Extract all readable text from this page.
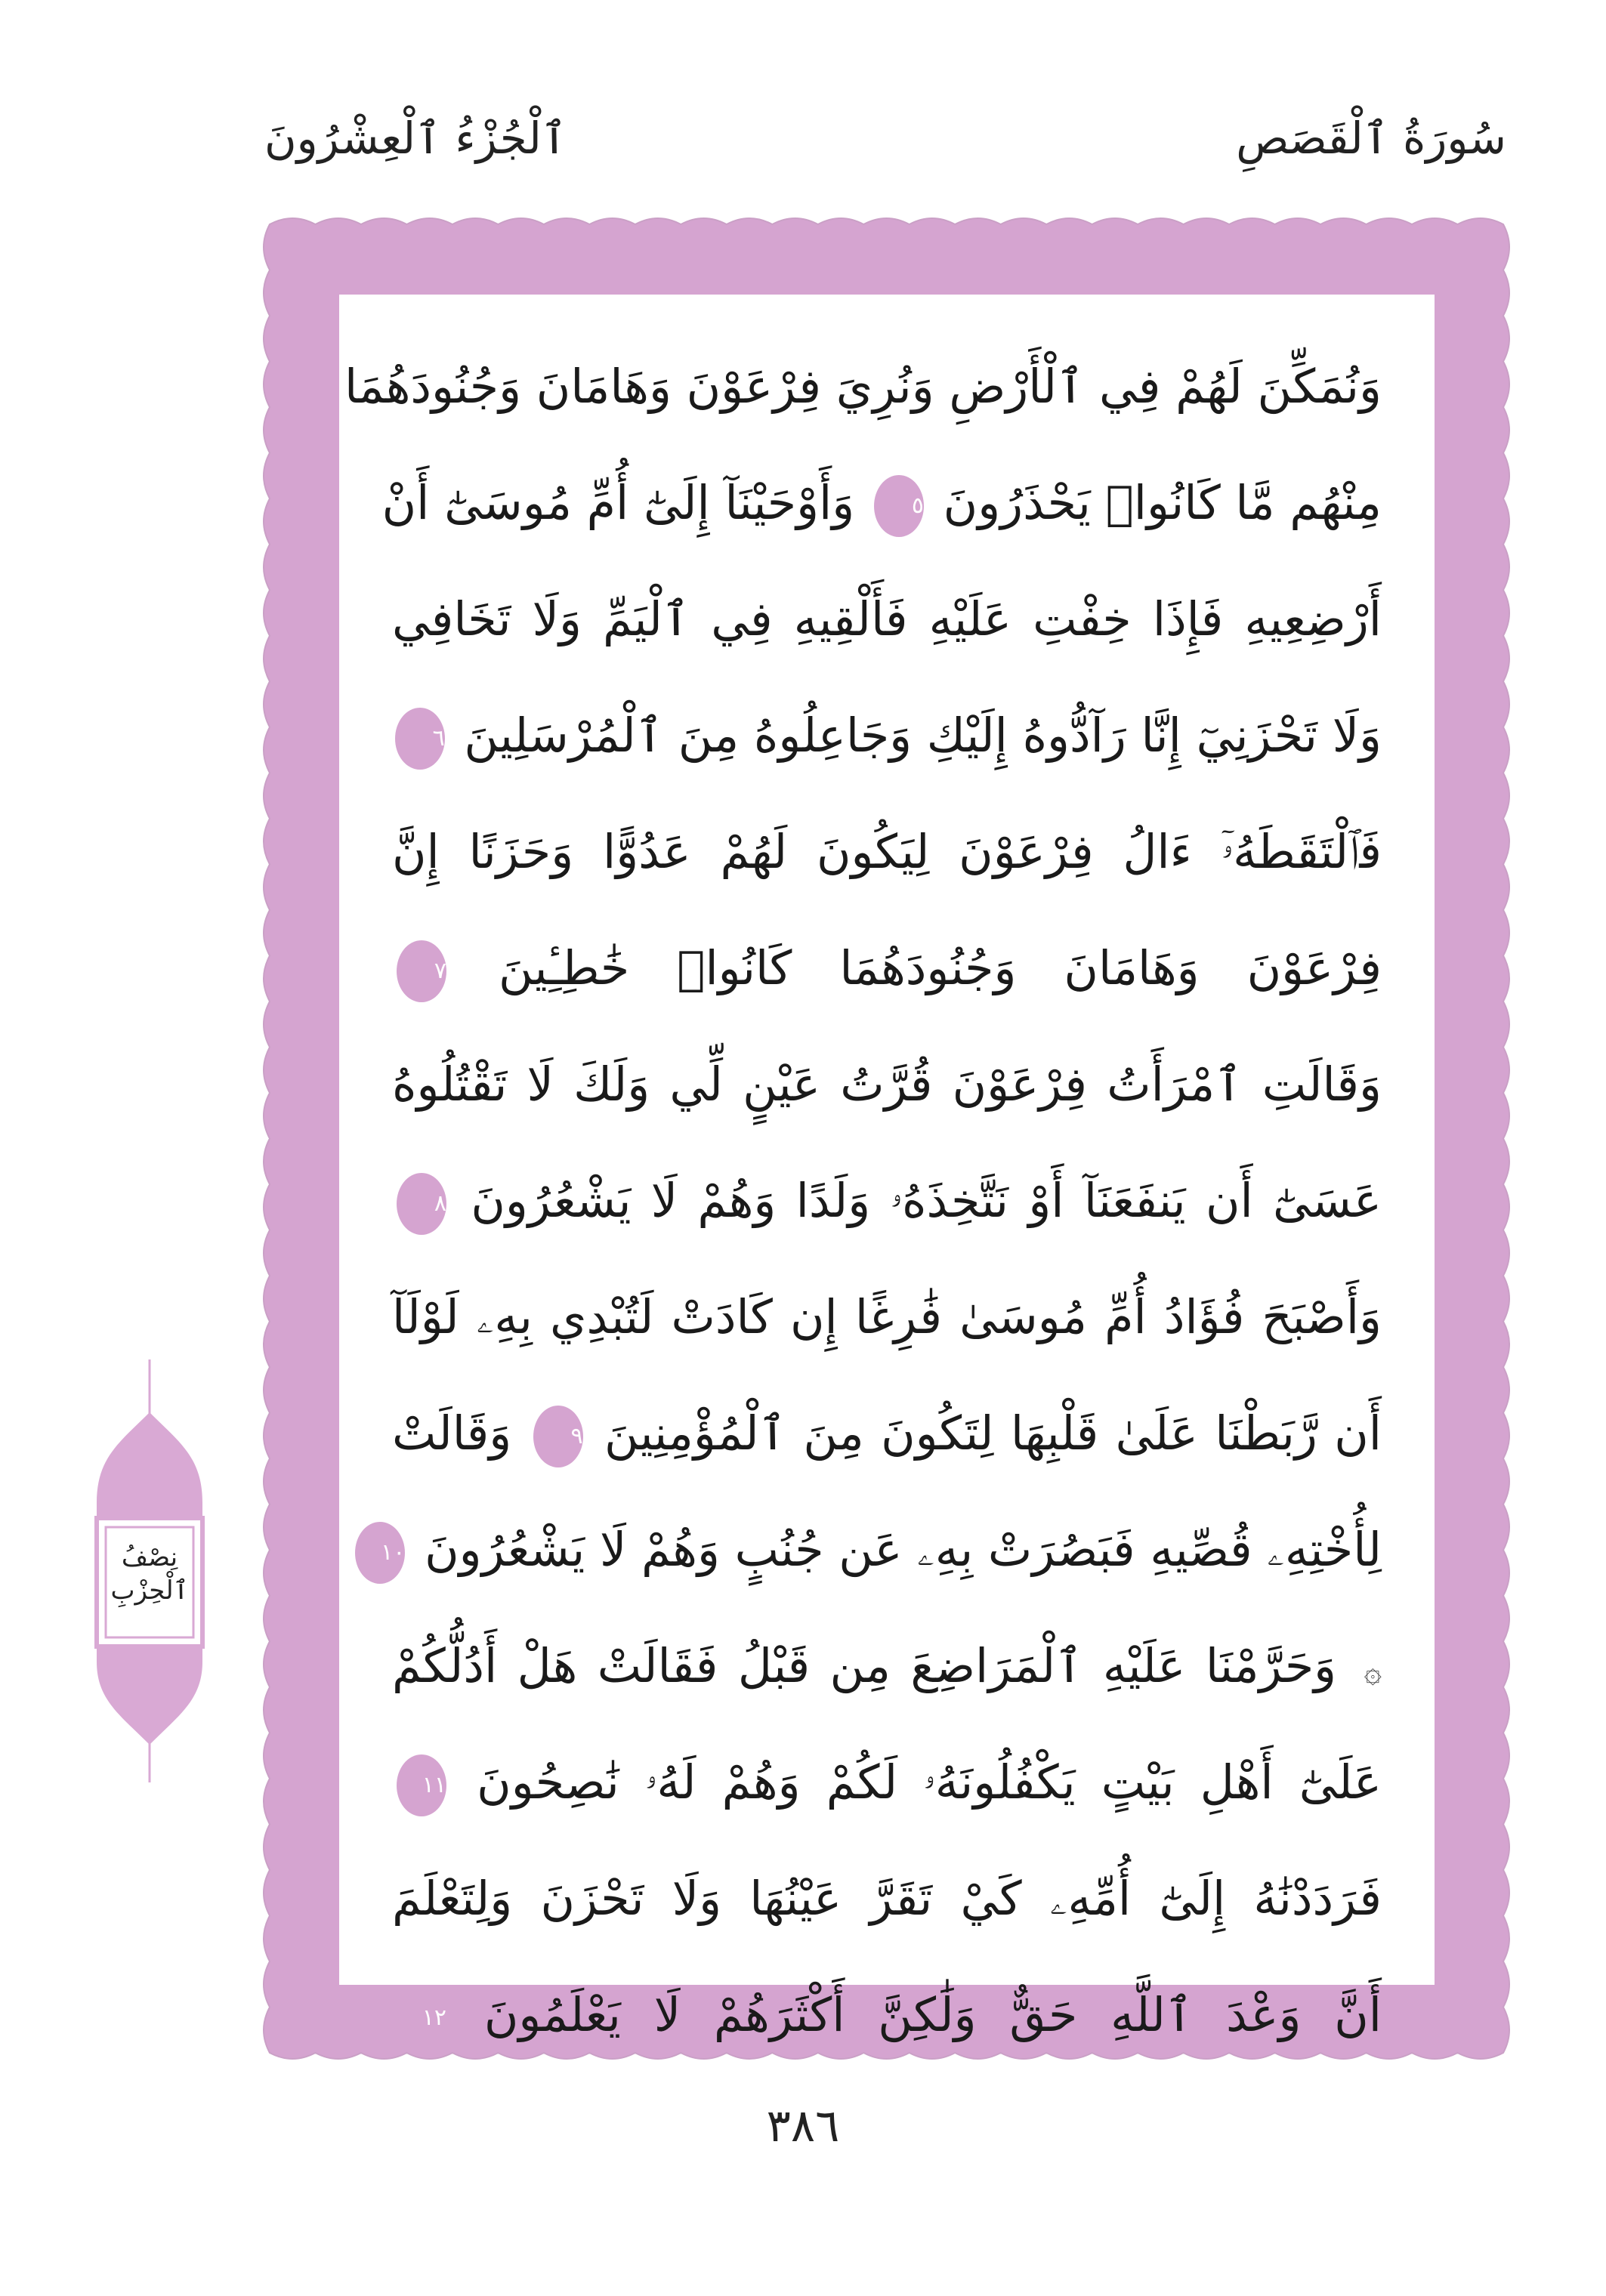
سُورَةُ ٱلْقَصَصِ
ٱلْجُزْءُ ٱلْعِشْرُونَ
وَنُمَكِّنَ لَهُمْ فِي ٱلْأَرْضِ وَنُرِيَ فِرْعَوْنَ وَهَامَانَ وَجُنُودَهُمَا
مِنْهُم مَّا كَانُوا۟ يَحْذَرُونَ ٥ وَأَوْحَيْنَآ إِلَىٰٓ أُمِّ مُوسَىٰٓ أَنْ
أَرْضِعِيهِ فَإِذَا خِفْتِ عَلَيْهِ فَأَلْقِيهِ فِي ٱلْيَمِّ وَلَا تَخَافِي
وَلَا تَحْزَنِيٓ إِنَّا رَآدُّوهُ إِلَيْكِ وَجَاعِلُوهُ مِنَ ٱلْمُرْسَلِينَ ٦
فَٱلْتَقَطَهُۥٓ ءَالُ فِرْعَوْنَ لِيَكُونَ لَهُمْ عَدُوًّا وَحَزَنًا إِنَّ
فِرْعَوْنَ وَهَامَانَ وَجُنُودَهُمَا كَانُوا۟ خَٰطِـِٔينَ ٧
وَقَالَتِ ٱمْرَأَتُ فِرْعَوْنَ قُرَّتُ عَيْنٍ لِّي وَلَكَ لَا تَقْتُلُوهُ
عَسَىٰٓ أَن يَنفَعَنَآ أَوْ نَتَّخِذَهُۥ وَلَدًا وَهُمْ لَا يَشْعُرُونَ ٨
وَأَصْبَحَ فُؤَادُ أُمِّ مُوسَىٰ فَٰرِغًا إِن كَادَتْ لَتُبْدِي بِهِۦ لَوْلَآ
أَن رَّبَطْنَا عَلَىٰ قَلْبِهَا لِتَكُونَ مِنَ ٱلْمُؤْمِنِينَ ٩ وَقَالَتْ
لِأُخْتِهِۦ قُصِّيهِ فَبَصُرَتْ بِهِۦ عَن جُنُبٍ وَهُمْ لَا يَشْعُرُونَ ١٠
۞ وَحَرَّمْنَا عَلَيْهِ ٱلْمَرَاضِعَ مِن قَبْلُ فَقَالَتْ هَلْ أَدُلُّكُمْ
عَلَىٰٓ أَهْلِ بَيْتٍ يَكْفُلُونَهُۥ لَكُمْ وَهُمْ لَهُۥ نَٰصِحُونَ ١١
فَرَدَدْنَٰهُ إِلَىٰٓ أُمِّهِۦ كَيْ تَقَرَّ عَيْنُهَا وَلَا تَحْزَنَ وَلِتَعْلَمَ
أَنَّ وَعْدَ ٱللَّهِ حَقٌّ وَلَٰكِنَّ أَكْثَرَهُمْ لَا يَعْلَمُونَ ١٢
نِصْفُ
ٱلْحِزْبِ
٣٨٦
